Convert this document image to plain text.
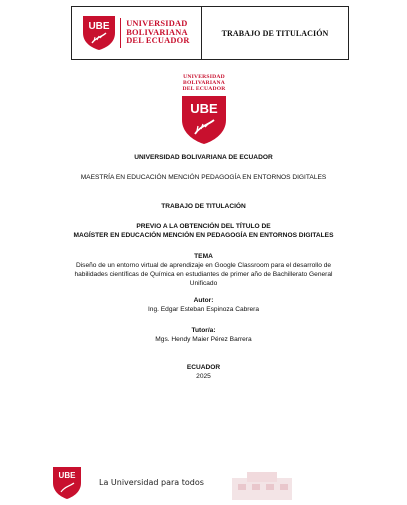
UBE UNIVERSIDAD
BOLIVARIANA
DEL ECUADOR
TRABAJO DE TITULACIÓN
UNIVERSIDAD
BOLIVARIANA
DEL ECUADOR
UBE
UNIVERSIDAD BOLIVARIANA DE ECUADOR
MAESTRÍA EN EDUCACIÓN MENCIÓN PEDAGOGÍA EN ENTORNOS DIGITALES
TRABAJO DE TITULACIÓN
PREVIO A LA OBTENCIÓN DEL TÍTULO DE
MAGÍSTER EN EDUCACIÓN MENCIÓN EN PEDAGOGÍA EN ENTORNOS DIGITALES
TEMA
Diseño de un entorno virtual de aprendizaje en Google Classroom para el desarrollo de
habilidades científicas de Química en estudiantes de primer año de Bachillerato General
Unificado
Autor:
Ing. Edgar Esteban Espinoza Cabrera
Tutor/a:
Mgs. Hendy Maier Pérez Barrera
ECUADOR
2025
UBE
La Universidad para todos
